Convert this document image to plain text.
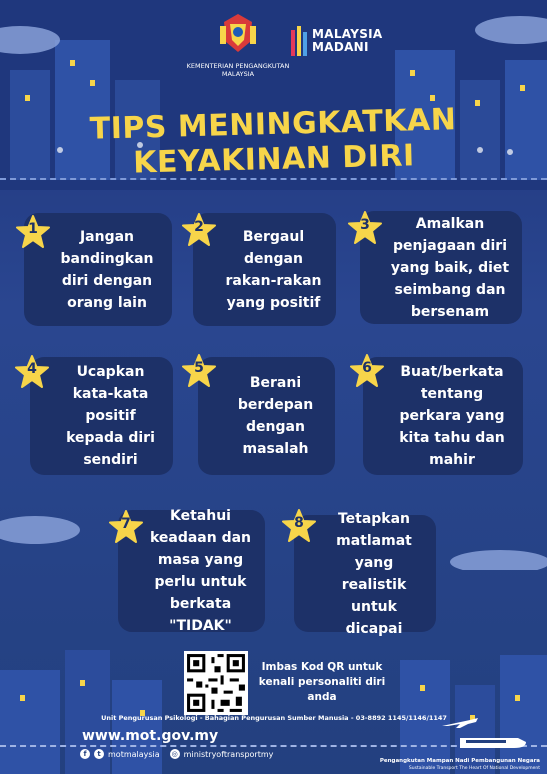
KEMENTERIAN PENGANGKUTAN
MALAYSIA
MALAYSIA
MADANI
TIPS MENINGKATKAN KEYAKINAN DIRI
Jangan bandingkan diri dengan orang lain
1	Bergaul dengan rakan-rakan yang positif
2	Amalkan penjagaan diri yang baik, diet seimbang dan bersenam
3
Ucapkan kata-kata positif kepada diri sendiri
4
Berani berdepan dengan masalah
5	Buat/berkata tentang perkara yang kita tahu dan mahir
6
Ketahui keadaan dan masa yang perlu untuk berkata "TIDAK"
7	Tetapkan matlamat yang realistik untuk dicapai
8
Imbas Kod QR untuk kenali personaliti diri anda
Unit Pengurusan Psikologi - Bahagian Pengurusan Sumber Manusia - 03-8892 1145/1146/1147
www.mot.gov.my
f	t motmalaysia ◎ ministryoftransportmy
Pengangkutan Mampan Nadi Pembangunan Negara
Sustainable Transport The Heart Of National Development
